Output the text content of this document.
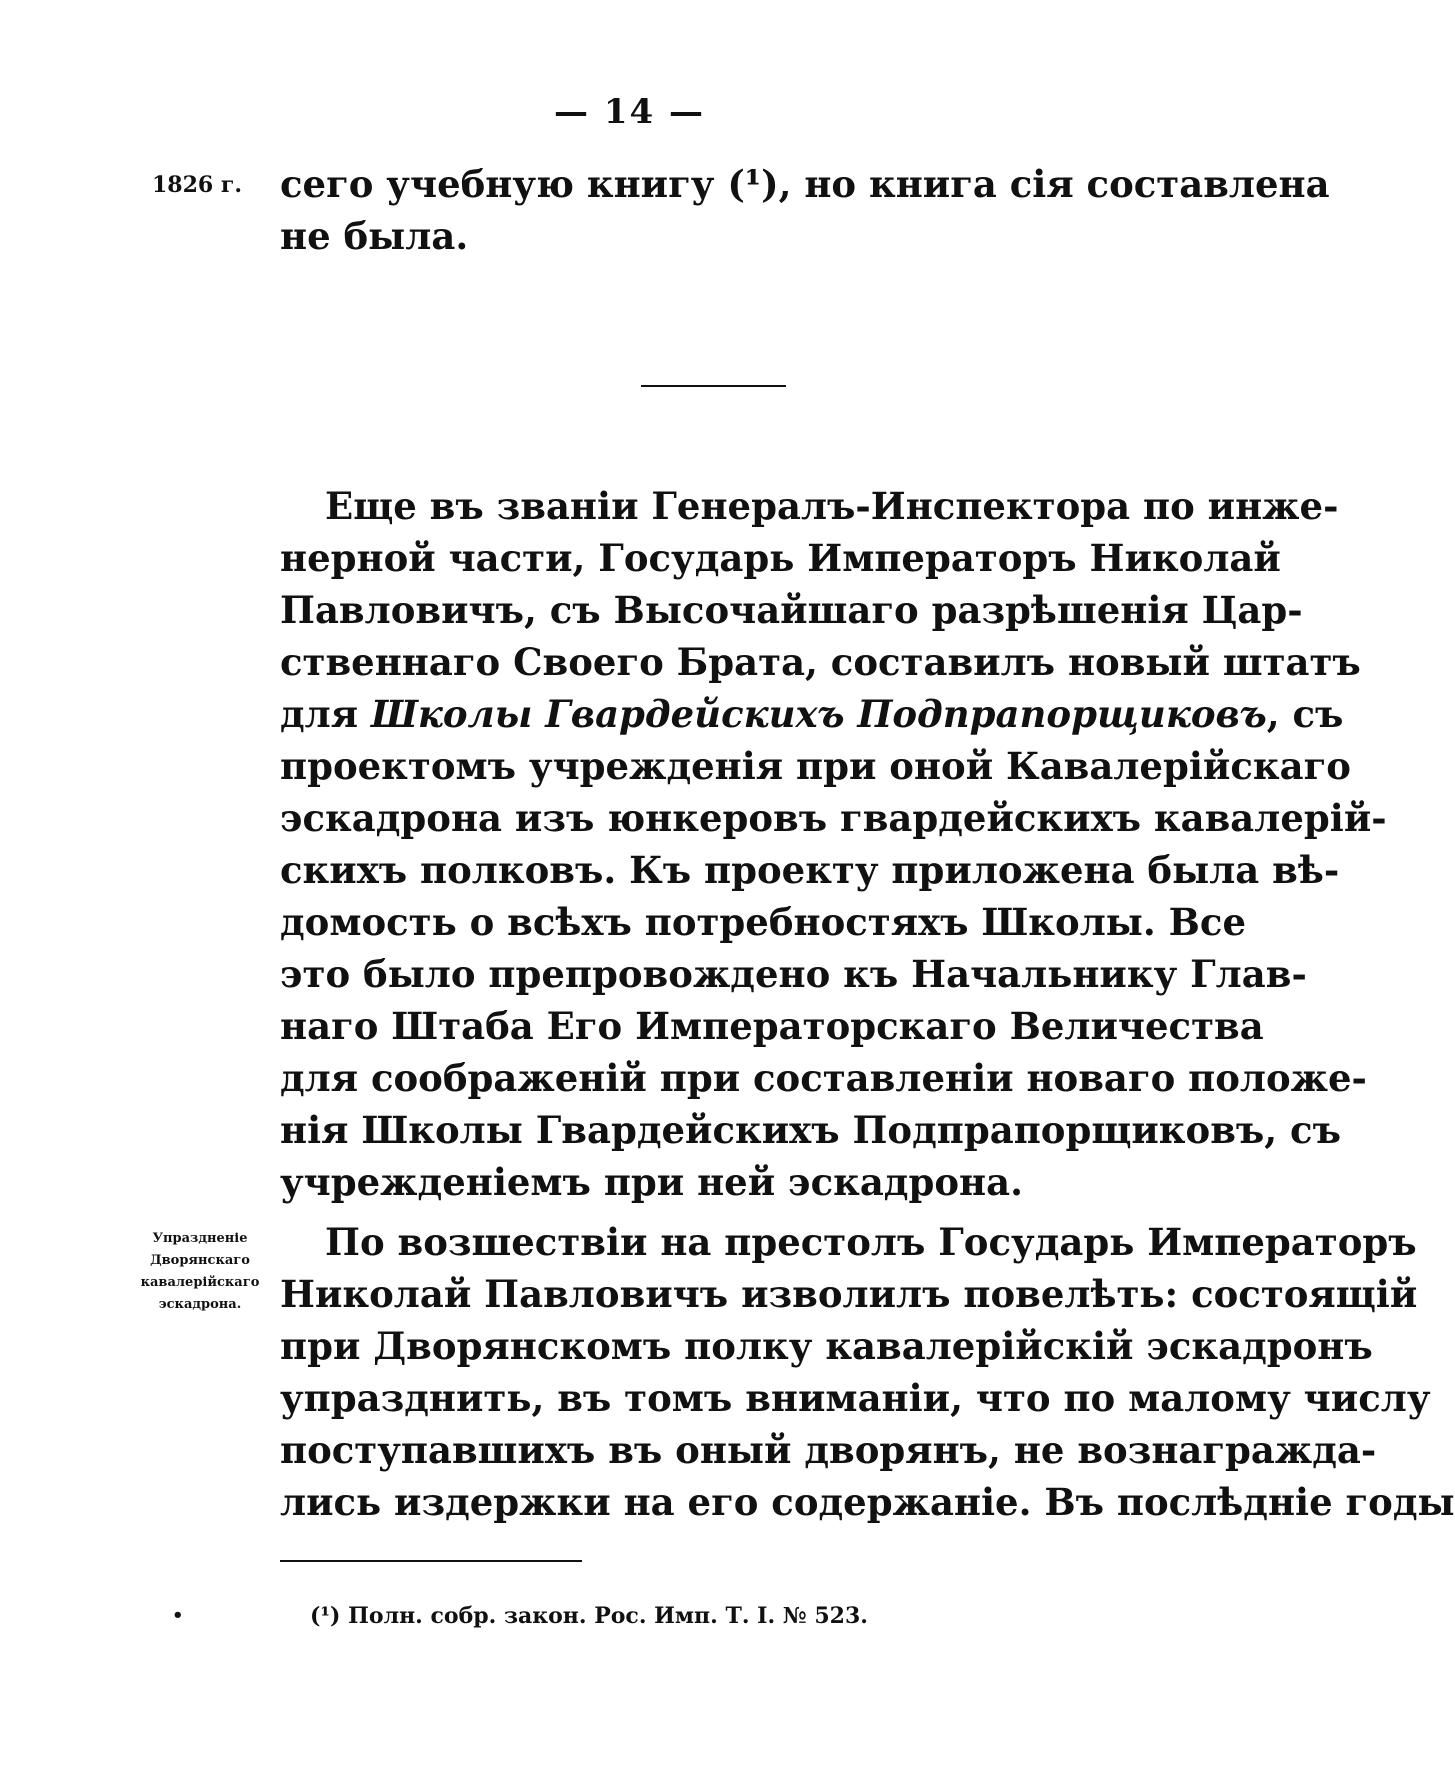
— 14 —
1826 г. сего учебную книгу (¹), но книга сія составлена
не была.
Еще въ званіи Генералъ-Инспектора по инже-
нерной части, Государь Императоръ Николай
Павловичъ, съ Высочайшаго разрѣшенія Цар-
ственнаго Своего Брата, составилъ новый штатъ
для Школы Гвардейскихъ Подпрапорщиковъ, съ
проектомъ учрежденія при оной Кавалерійскаго
эскадрона изъ юнкеровъ гвардейскихъ кавалерій-
скихъ полковъ. Къ проекту приложена была вѣ-
домость о всѣхъ потребностяхъ Школы. Все
это было препровождено къ Начальнику Глав-
наго Штаба Его Императорскаго Величества
для соображеній при составленіи новаго положе-
нія Школы Гвардейскихъ Подпрапорщиковъ, съ
учрежденіемъ при ней эскадрона.
Упраздненіе
Дворянскаго
кавалерійскаго
эскадрона.
По возшествіи на престолъ Государь Императоръ
Николай Павловичъ изволилъ повелѣть: состоящій
при Дворянскомъ полку кавалерійскій эскадронъ
упразднить, въ томъ вниманіи, что по малому числу
поступавшихъ въ оный дворянъ, не вознагражда-
лись издержки на его содержаніе. Въ послѣдніе годы
•	(¹) Полн. собр. закон. Рос. Имп. Т. I. № 523.
